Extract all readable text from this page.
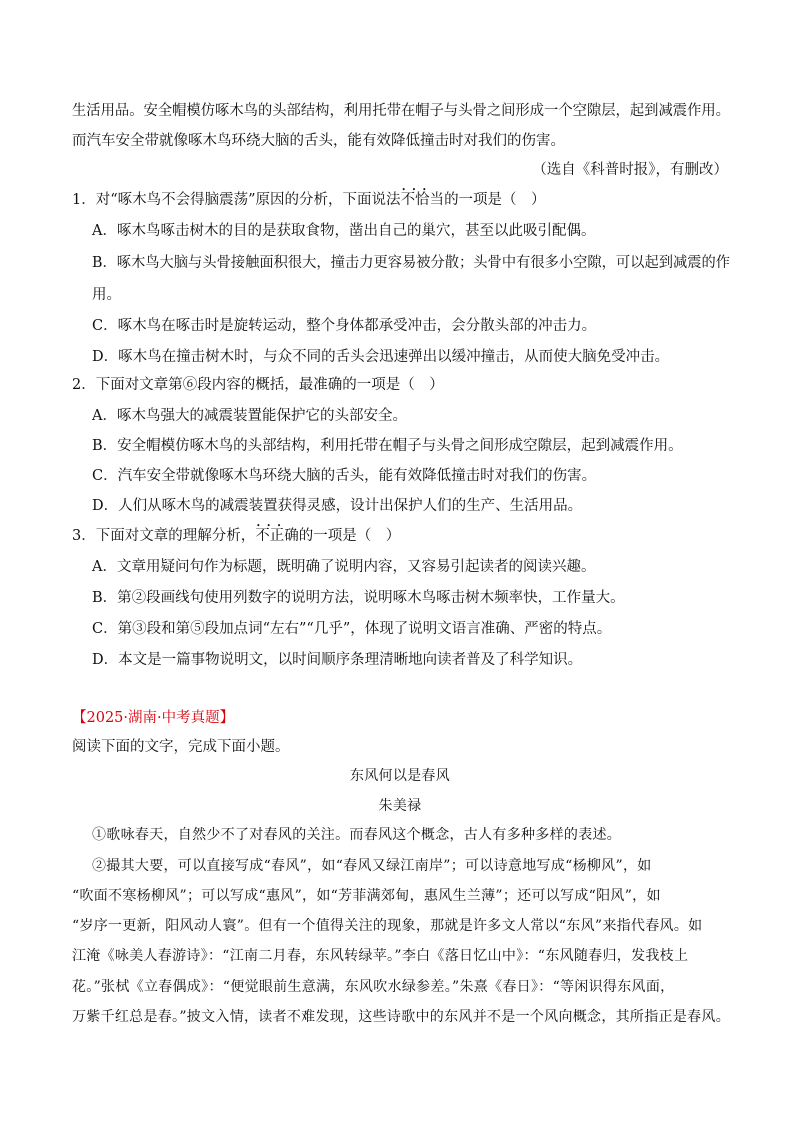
生活用品。安全帽模仿啄木鸟的头部结构，利用托带在帽子与头骨之间形成一个空隙层，起到减震作用。
而汽车安全带就像啄木鸟环绕大脑的舌头，能有效降低撞击时对我们的伤害。
（选自《科普时报》，有删改）
1．对“啄木鸟不会得脑震荡”原因的分析，下面说法• • • 不恰当的一项是（　）
A．啄木鸟啄击树木的目的是获取食物，凿出自己的巢穴，甚至以此吸引配偶。
B．啄木鸟大脑与头骨接触面积很大，撞击力更容易被分散；头骨中有很多小空隙，可以起到减震的作
用。
C．啄木鸟在啄击时是旋转运动，整个身体都承受冲击，会分散头部的冲击力。
D．啄木鸟在撞击树木时，与众不同的舌头会迅速弹出以缓冲撞击，从而使大脑免受冲击。
2．下面对文章第⑥段内容的概括，最准确的一项是（　）
A．啄木鸟强大的减震装置能保护它的头部安全。
B．安全帽模仿啄木鸟的头部结构，利用托带在帽子与头骨之间形成空隙层，起到减震作用。
C．汽车安全带就像啄木鸟环绕大脑的舌头，能有效降低撞击时对我们的伤害。
D．人们从啄木鸟的减震装置获得灵感，设计出保护人们的生产、生活用品。
3．下面对文章的理解分析，• • • 不正确的一项是（　）
A．文章用疑问句作为标题，既明确了说明内容，又容易引起读者的阅读兴趣。
B．第②段画线句使用列数字的说明方法，说明啄木鸟啄击树木频率快，工作量大。
C．第③段和第⑤段加点词“左右”“几乎”，体现了说明文语言准确、严密的特点。
D．本文是一篇事物说明文，以时间顺序条理清晰地向读者普及了科学知识。
【2025·湖南·中考真题】
阅读下面的文字，完成下面小题。
东风何以是春风
朱美禄
①歌咏春天，自然少不了对春风的关注。而春风这个概念，古人有多种多样的表述。
②撮其大要，可以直接写成“春风”，如“春风又绿江南岸”；可以诗意地写成“杨柳风”，如
“吹面不寒杨柳风”；可以写成“惠风”，如“芳菲满郊甸，惠风生兰薄”；还可以写成“阳风”，如
“岁序一更新，阳风动人寰”。但有一个值得关注的现象，那就是许多文人常以“东风”来指代春风。如
江淹《咏美人春游诗》：“江南二月春，东风转绿苹。”李白《落日忆山中》：“东风随春归，发我枝上
花。”张栻《立春偶成》：“便觉眼前生意满，东风吹水绿参差。”朱熹《春日》：“等闲识得东风面，
万紫千红总是春。”披文入情，读者不难发现，这些诗歌中的东风并不是一个风向概念，其所指正是春风。
